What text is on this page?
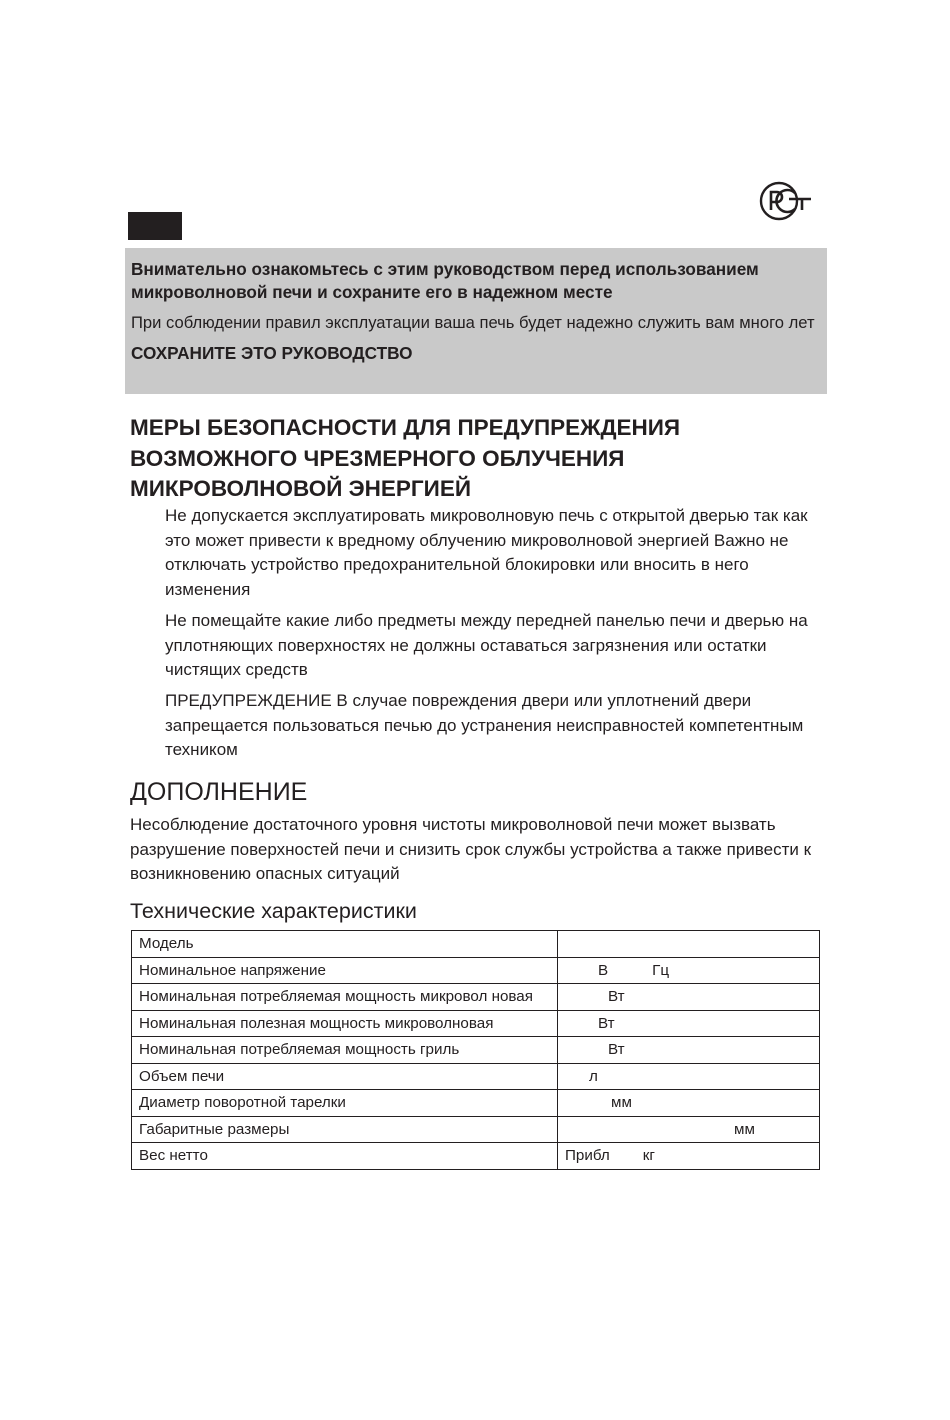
Внимательно ознакомьтесь с этим руководством перед использованием микроволновой печи и сохраните его в надежном месте

При соблюдении правил эксплуатации ваша печь будет надежно служить вам много лет

СОХРАНИТЕ ЭТО РУКОВОДСТВО

МЕРЫ БЕЗОПАСНОСТИ ДЛЯ ПРЕДУПРЕЖДЕНИЯ ВОЗМОЖНОГО ЧРЕЗМЕРНОГО ОБЛУЧЕНИЯ МИКРОВОЛНОВОЙ ЭНЕРГИЕЙ

Не допускается эксплуатировать микроволновую печь с открытой дверью так как это может привести к вредному облучению микроволновой энергией Важно не отключать устройство предохранительной блокировки или вносить в него изменения

Не помещайте какие либо предметы между передней панелью печи и дверью на уплотняющих поверхностях не должны оставаться загрязнения или остатки чистящих средств

ПРЕДУПРЕЖДЕНИЕ В случае повреждения двери или уплотнений двери запрещается пользоваться печью до устранения неисправностей компетентным техником

ДОПОЛНЕНИЕ

Несоблюдение достаточного уровня чистоты микроволновой печи может вызвать разрушение поверхностей печи и снизить срок службы устройства а также привести к возникновению опасных ситуаций

Технические характеристики
Модель	
Номинальное напряжение	В Гц
Номинальная потребляемая мощность микровол новая	Вт
Номинальная полезная мощность микроволновая	Вт
Номинальная потребляемая мощность гриль	Вт
Объем печи	л
Диаметр поворотной тарелки	мм
Габаритные размеры	мм
Вес нетто	Прибл кг
